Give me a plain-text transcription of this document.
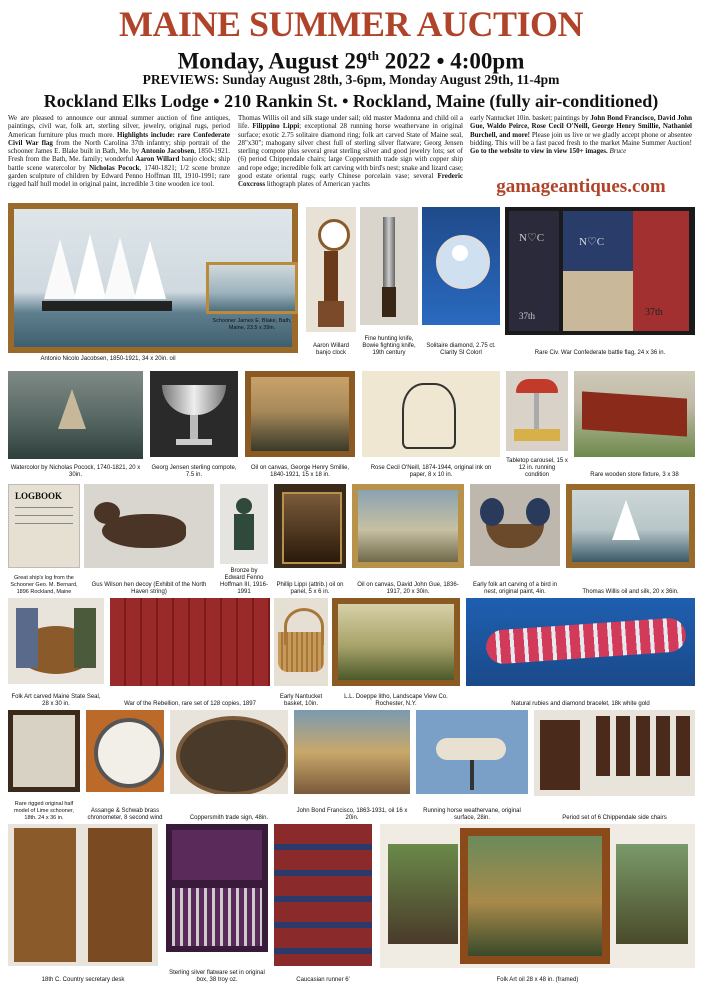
MAINE SUMMER AUCTION
Monday, August 29th 2022 • 4:00pm
PREVIEWS: Sunday August 28th, 3-6pm, Monday August 29th, 11-4pm
Rockland Elks Lodge • 210 Rankin St. • Rockland, Maine (fully air-conditioned)
We are pleased to announce our annual summer auction of fine antiques, paintings, civil war, folk art, sterling silver, jewelry, original rugs, period American furniture plus much more. Highlights include: rare Confederate Civil War flag from the North Carolina 37th infantry; ship portrait of the schooner James E. Blake built in Bath, Me. by Antonio Jacobsen, 1850-1921. Fresh from the Bath, Me. family; wonderful Aaron Willard banjo clock; ship battle scene watercolor by Nicholas Pocock, 1740-1821; 1/2 scene bronze garden sculpture of children by Edward Penno Hoffman III, 1910-1991; rare rigged half hull model in original paint, incredible 3 tine wooden ice tool.
Thomas Willis oil and silk stage under sail; old master Madonna and child oil a life. Filippino Lippi; exceptional 28 running horse weathervane in original surface; exotic 2.75 solitaire diamond ring; folk art carved State of Maine seal, 28"x30"; mahogany silver chest full of sterling silver flatware; Georg Jensen sterling compote plus several great sterling silver and good jewelry lots; set of (6) period Chippendale chairs; large Coppersmith trade sign with copper ship and rope edge; incredible folk art carving with bird's nest; snake and lizard case; good estate oriental rugs; early Chinese porcelain vase; several Frederic Coxcross lithograph plates of American yachts
early Nantucket 10in. basket; paintings by John Bond Francisco, David John Gue, Waldo Peirce, Rose Cecil O'Neill, George Henry Smillie, Nathaniel Burchell, and more! Please join us live or we gladly accept phone or absentee bidding. This will be a fast paced fresh to the market Maine Summer Auction! Go to the website to view in view 150+ images. Bruce
gamageantiques.com
Antonio Nicolo Jacobsen, 1850-1921, 34 x 20in. oil
Schooner James E. Blake, Bath, Maine, 23.5 x 39in.
Aaron Willard banjo clock
Fine hunting knife, Bowie fighting knife, 19th century
Solitaire diamond, 2.75 ct. Clarity SI Colorl
N♡C
37th
N♡C
37th
Rare Civ. War Confederate battle flag, 24 x 36 in.
Watercolor by Nicholas Pocock, 1740-1821, 20 x 30in.
Georg Jensen sterling compote, 7.5 in.
Oil on canvas, George Henry Smillie, 1840-1921, 15 x 18 in.
Rose Cecil O'Neill, 1874-1944, original ink on paper, 8 x 10 in.
Tabletop carousel, 15 x 12 in. running condition	Rare wooden store fixture, 3 x 38
LOGBOOK
Great ship's log from the Schooner Geo. M. Bernard, 1896 Rockland, Maine
Gus Wilson hen decoy (Exhibit of the North Haven string)
Bronze by Edward Fenno Hoffman III, 1916-1991
Phillip Lippi (attrib.) oil on panel, 5 x 6 in.
Oil on canvas, David John Gue, 1836-1917, 20 x 30in.
Early folk art carving of a bird in nest, original paint, 4in.	Thomas Willis oil and silk, 20 x 36in.
Folk Art carved Maine State Seal, 28 x 30 in.	War of the Rebellion, rare set of 128 copies, 1897
Early Nantucket basket, 10in.
L.L. Doeppe litho, Landscape View Co. Rochester, N.Y.	Natural rubies and diamond bracelet, 18k white gold
Rare rigged original half model of Lime schooner, 18th. 24 x 36 in.
Assange & Schwab brass chronometer, 8 second wind	Coppersmith trade sign, 48in.
John Bond Francisco, 1863-1931, oil 16 x 20in.
Running horse weathervane, original surface, 28in.	Period set of 6 Chippendale side chairs
18th C. Country secretary desk
Sterling silver flatware set in original box, 38 troy oz.	Caucasian runner 6'	Folk Art oil 28 x 48 in. (framed)
